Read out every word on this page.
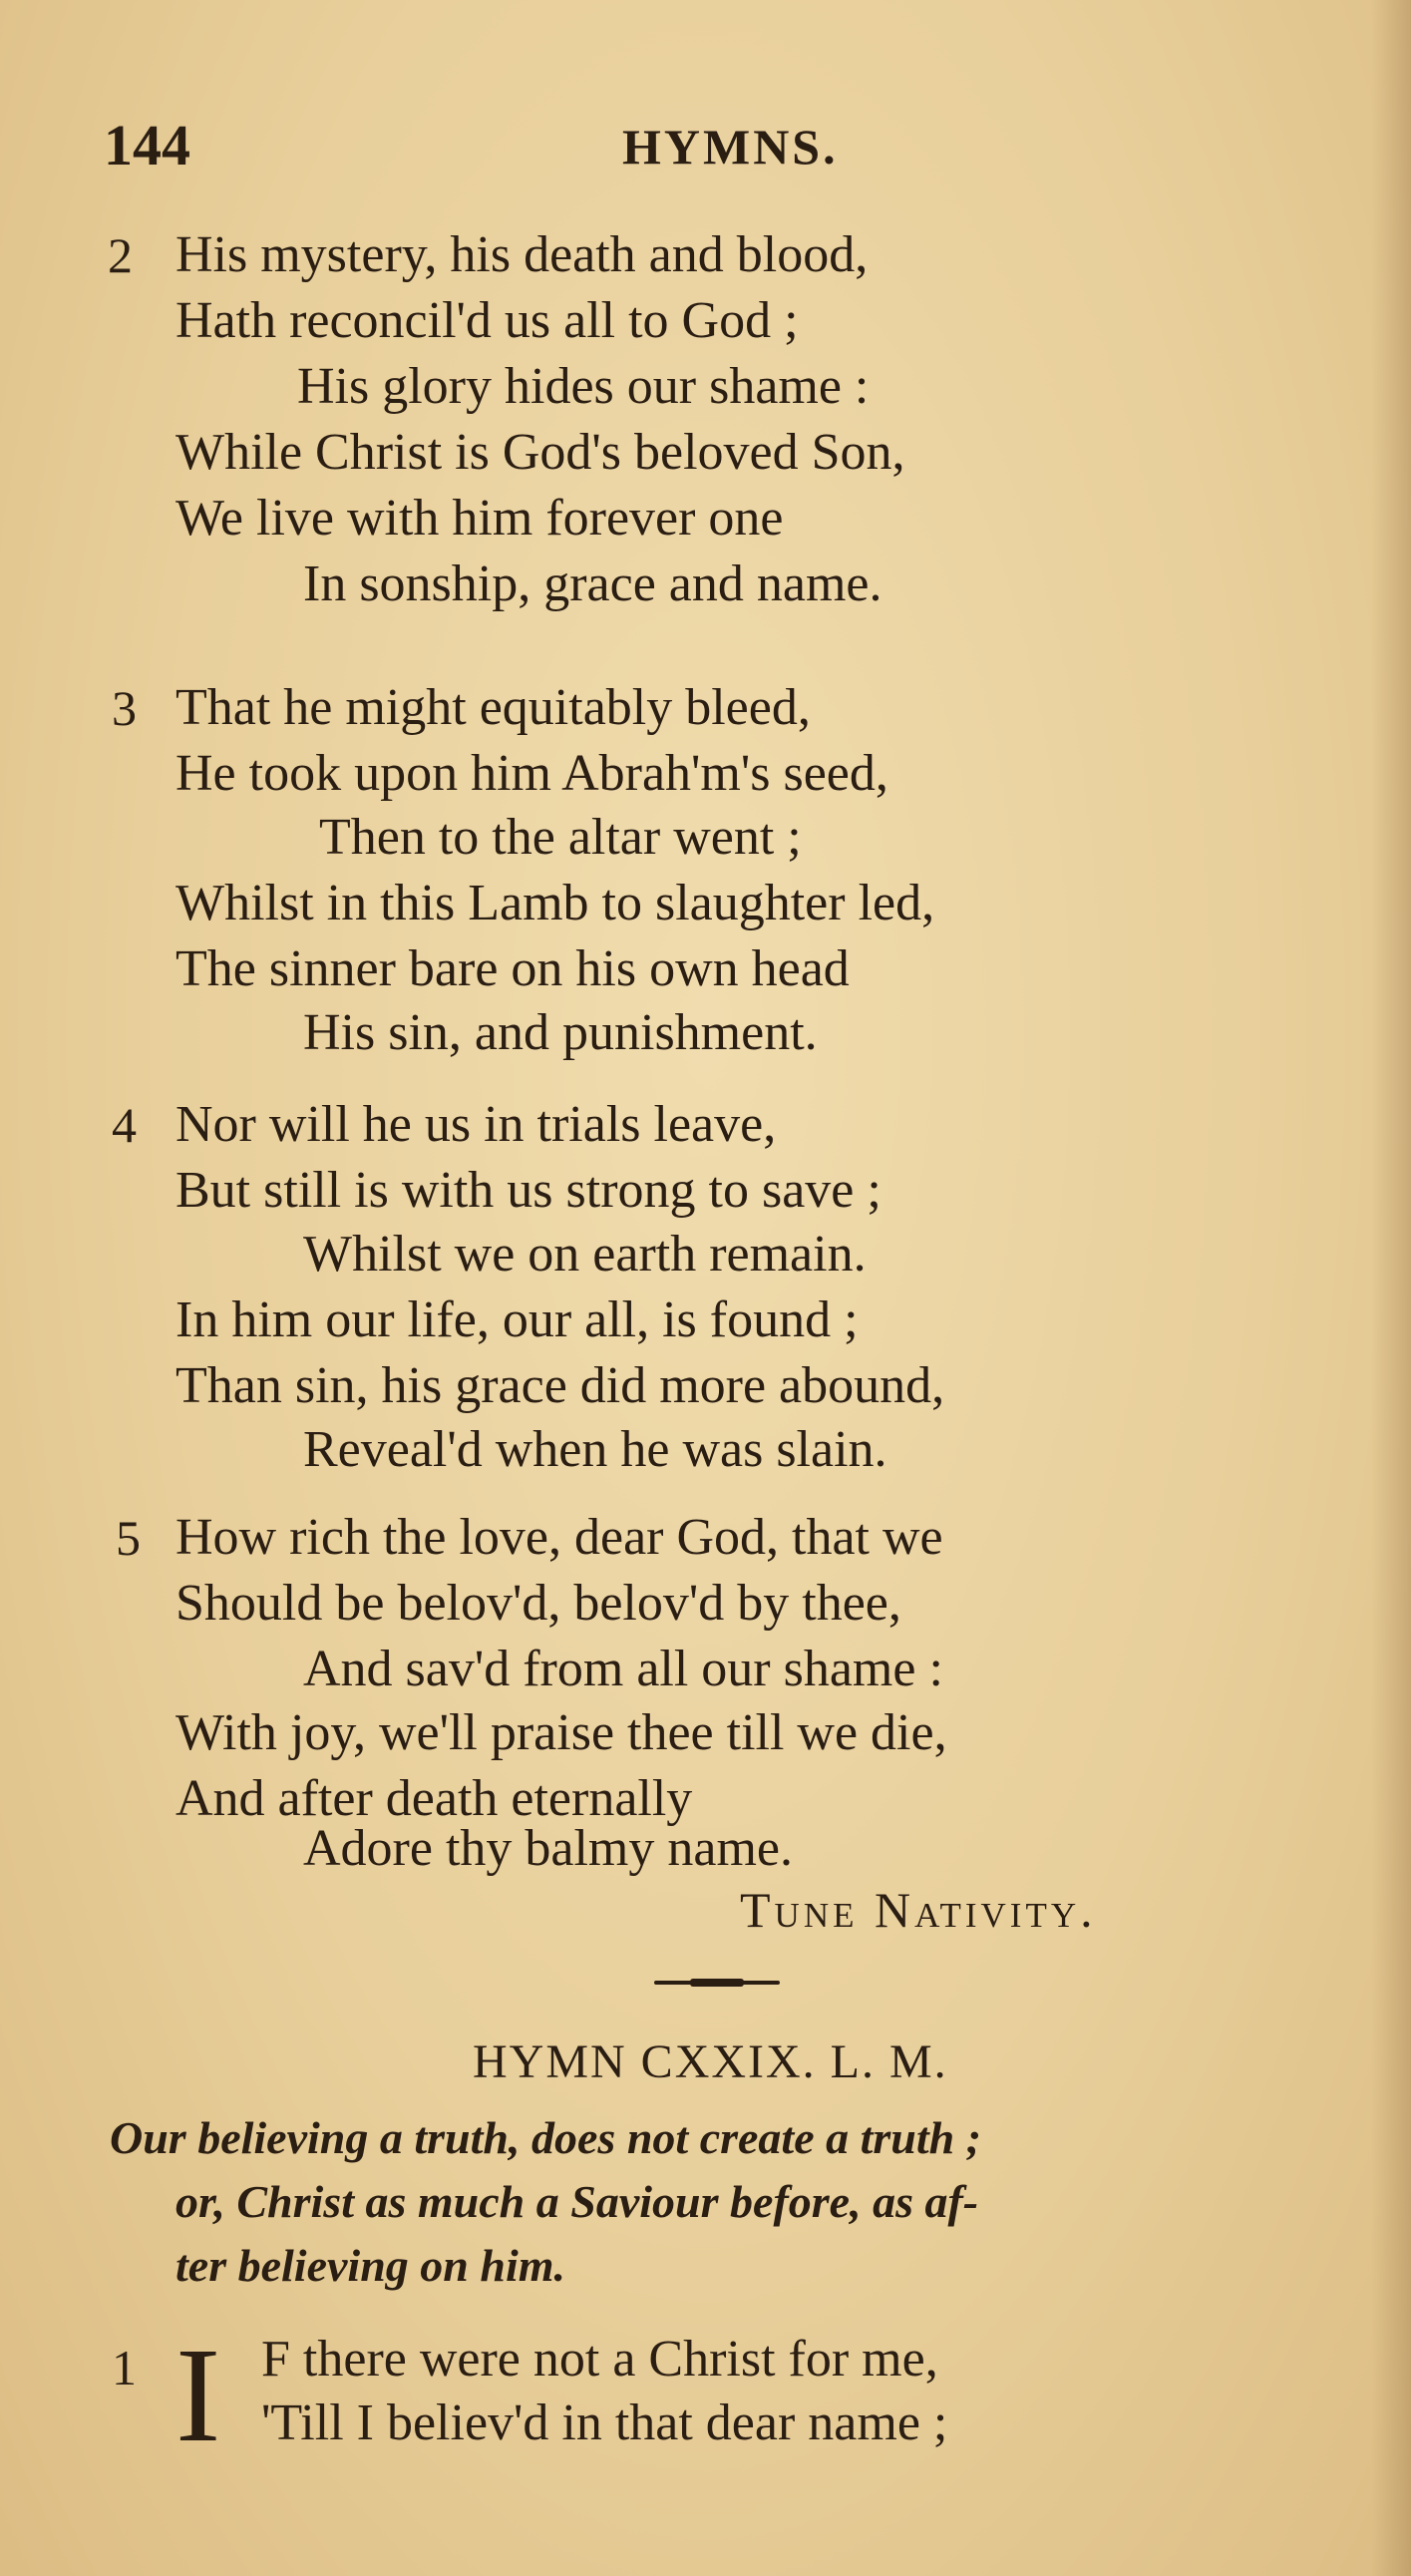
144	HYMNS.
2 His mystery, his death and blood,
Hath reconcil'd us all to God ;
His glory hides our shame :
While Christ is God's beloved Son,
We live with him forever one
In sonship, grace and name.
3 That he might equitably bleed,
He took upon him Abrah'm's seed,
Then to the altar went ;
Whilst in this Lamb to slaughter led,
The sinner bare on his own head
His sin, and punishment.
4 Nor will he us in trials leave,
But still is with us strong to save ;
Whilst we on earth remain.
In him our life, our all, is found ;
Than sin, his grace did more abound,
Reveal'd when he was slain.
5 How rich the love, dear God, that we
Should be belov'd, belov'd by thee,
And sav'd from all our shame :
With joy, we'll praise thee till we die,
And after death eternally
Adore thy balmy name.
Tune Nativity.
HYMN CXXIX. L. M.
Our believing a truth, does not create a truth ;
or, Christ as much a Saviour before, as af-
ter believing on him.
1 I F there were not a Christ for me,
'Till I believ'd in that dear name ;
